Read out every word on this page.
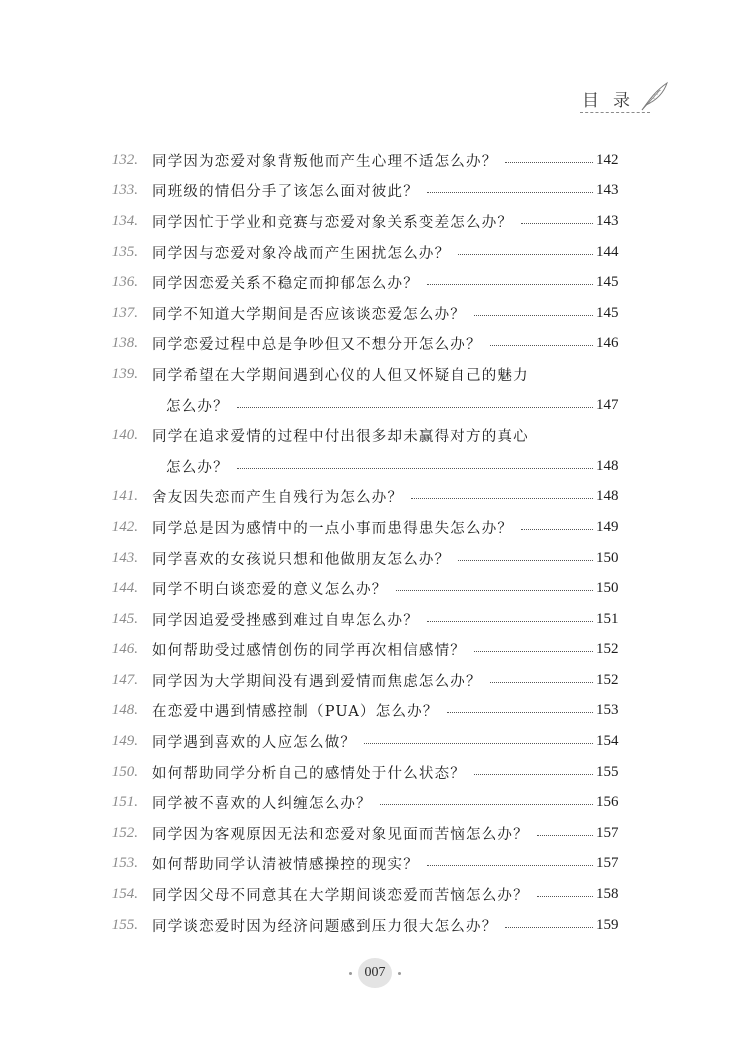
目录
132. 同学因为恋爱对象背叛他而产生心理不适怎么办？	142
133. 同班级的情侣分手了该怎么面对彼此？	143
134. 同学因忙于学业和竞赛与恋爱对象关系变差怎么办？	143
135. 同学因与恋爱对象冷战而产生困扰怎么办？	144
136. 同学因恋爱关系不稳定而抑郁怎么办？	145
137. 同学不知道大学期间是否应该谈恋爱怎么办？	145
138. 同学恋爱过程中总是争吵但又不想分开怎么办？	146
139. 同学希望在大学期间遇到心仪的人但又怀疑自己的魅力
怎么办？	147
140. 同学在追求爱情的过程中付出很多却未赢得对方的真心
怎么办？	148
141. 舍友因失恋而产生自残行为怎么办？	148
142. 同学总是因为感情中的一点小事而患得患失怎么办？	149
143. 同学喜欢的女孩说只想和他做朋友怎么办？	150
144. 同学不明白谈恋爱的意义怎么办？	150
145. 同学因追爱受挫感到难过自卑怎么办？	151
146. 如何帮助受过感情创伤的同学再次相信感情？	152
147. 同学因为大学期间没有遇到爱情而焦虑怎么办？	152
148. 在恋爱中遇到情感控制（PUA）怎么办？	153
149. 同学遇到喜欢的人应怎么做？	154
150. 如何帮助同学分析自己的感情处于什么状态？	155
151. 同学被不喜欢的人纠缠怎么办？	156
152. 同学因为客观原因无法和恋爱对象见面而苦恼怎么办？	157
153. 如何帮助同学认清被情感操控的现实？	157
154. 同学因父母不同意其在大学期间谈恋爱而苦恼怎么办？	158
155. 同学谈恋爱时因为经济问题感到压力很大怎么办？	159
007
